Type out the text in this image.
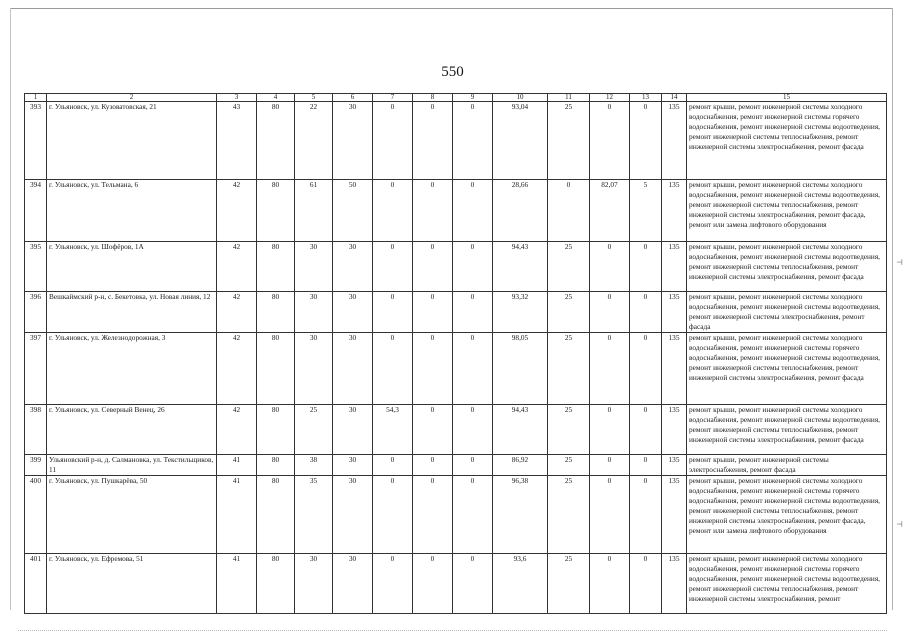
550
1	2	3	4	5	6	7	8	9	10	11	12	13	14	15
393	г. Ульяновск, ул. Кузоватовская, 21	43	80	22	30	0	0	0	93,04	25	0	0	135	ремонт крыши, ремонт инженерной системы холодного водоснабжения, ремонт инженерной системы горячего водоснабжения, ремонт инженерной системы водоотведения, ремонт инженерной системы теплоснабжения, ремонт инженерной системы электроснабжения, ремонт фасада
394	г. Ульяновск, ул. Тельмана, 6	42	80	61	50	0	0	0	28,66	0	82,07	5	135	ремонт крыши, ремонт инженерной системы холодного водоснабжения, ремонт инженерной системы водоотведения, ремонт инженерной системы теплоснабжения, ремонт инженерной системы электроснабжения, ремонт фасада, ремонт или замена лифтового оборудования
395	г. Ульяновск, ул. Шофёров, 1А	42	80	30	30	0	0	0	94,43	25	0	0	135	ремонт крыши, ремонт инженерной системы холодного водоснабжения, ремонт инженерной системы водоотведения, ремонт инженерной системы теплоснабжения, ремонт инженерной системы электроснабжения, ремонт фасада
396	Вешкаймский р-н, с. Бекетовка, ул. Новая линия, 12	42	80	30	30	0	0	0	93,32	25	0	0	135	ремонт крыши, ремонт инженерной системы холодного водоснабжения, ремонт инженерной системы водоотведения, ремонт инженерной системы электроснабжения, ремонт фасада
397	г. Ульяновск, ул. Железнодорожная, 3	42	80	30	30	0	0	0	98,05	25	0	0	135	ремонт крыши, ремонт инженерной системы холодного водоснабжения, ремонт инженерной системы горячего водоснабжения, ремонт инженерной системы водоотведения, ремонт инженерной системы теплоснабжения, ремонт инженерной системы электроснабжения, ремонт фасада
398	г. Ульяновск, ул. Северный Венец, 26	42	80	25	30	54,3	0	0	94,43	25	0	0	135	ремонт крыши, ремонт инженерной системы холодного водоснабжения, ремонт инженерной системы водоотведения, ремонт инженерной системы теплоснабжения, ремонт инженерной системы электроснабжения, ремонт фасада
399	Ульяновский р-н, д. Салмановка, ул. Текстильщиков, 11	41	80	38	30	0	0	0	86,92	25	0	0	135	ремонт крыши, ремонт инженерной системы электроснабжения, ремонт фасада
400	г. Ульяновск, ул. Пушкарёва, 50	41	80	35	30	0	0	0	96,38	25	0	0	135	ремонт крыши, ремонт инженерной системы холодного водоснабжения, ремонт инженерной системы горячего водоснабжения, ремонт инженерной системы водоотведения, ремонт инженерной системы теплоснабжения, ремонт инженерной системы электроснабжения, ремонт фасада, ремонт или замена лифтового оборудования
401	г. Ульяновск, ул. Ефремова, 51	41	80	30	30	0	0	0	93,6	25	0	0	135	ремонт крыши, ремонт инженерной системы холодного водоснабжения, ремонт инженерной системы горячего водоснабжения, ремонт инженерной системы водоотведения, ремонт инженерной системы теплоснабжения, ремонт инженерной системы электроснабжения, ремонт
⊣
⊣
